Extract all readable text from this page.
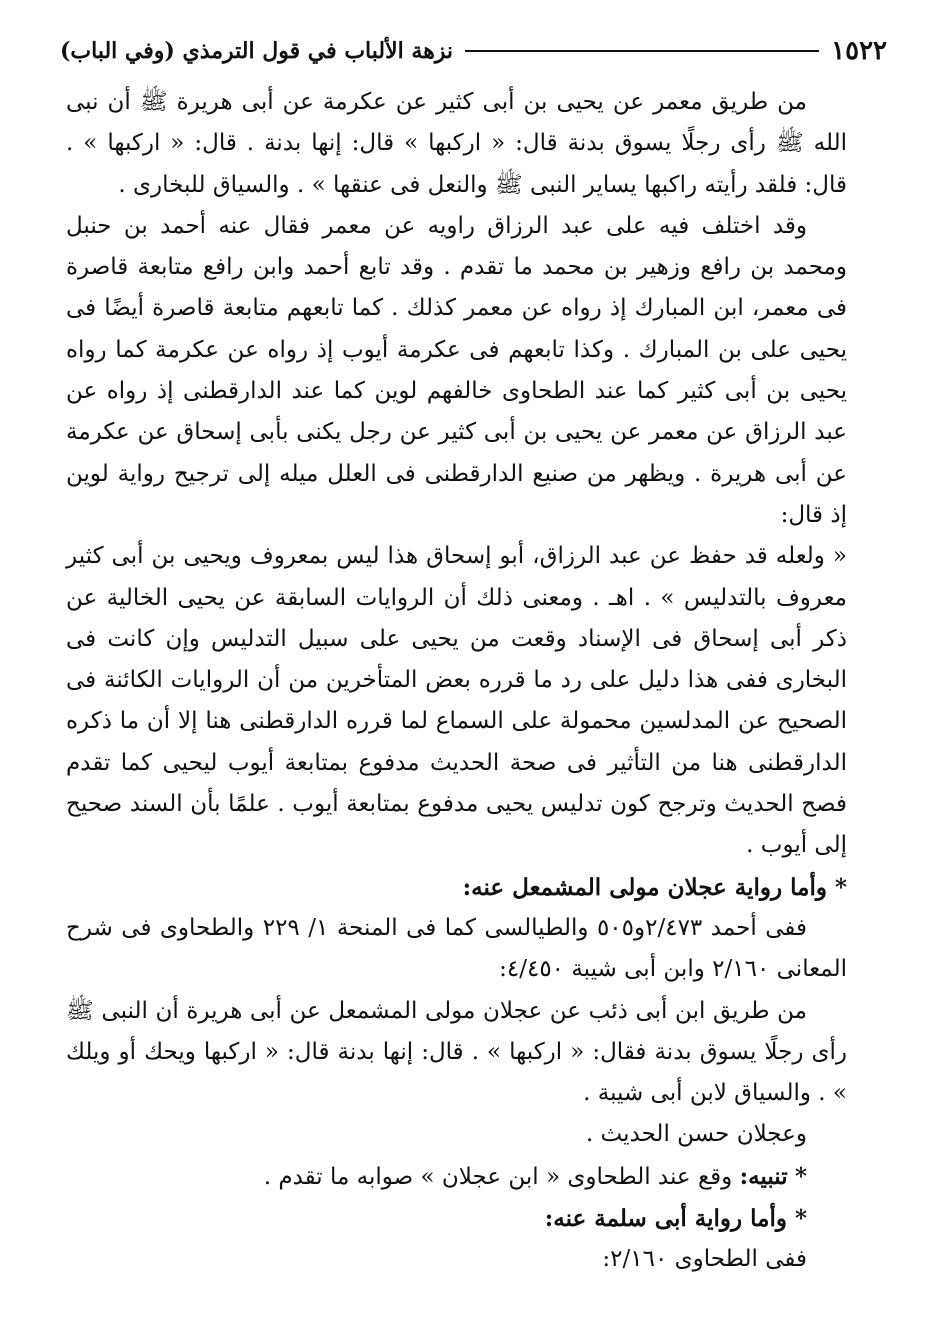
١٥٢٢
نزهة الألباب في قول الترمذي (وفي الباب)

من طريق معمر عن يحيى بن أبى كثير عن عكرمة عن أبى هريرة ﷺ أن نبى الله ﷺ رأى رجلًا يسوق بدنة قال: « اركبها » قال: إنها بدنة . قال: « اركبها » . قال: فلقد رأيته راكبها يساير النبى ﷺ والنعل فى عنقها » . والسياق للبخارى .

وقد اختلف فيه على عبد الرزاق راويه عن معمر فقال عنه أحمد بن حنبل ومحمد بن رافع وزهير بن محمد ما تقدم . وقد تابع أحمد وابن رافع متابعة قاصرة فى معمر، ابن المبارك إذ رواه عن معمر كذلك . كما تابعهم متابعة قاصرة أيضًا فى يحيى على بن المبارك . وكذا تابعهم فى عكرمة أيوب إذ رواه عن عكرمة كما رواه يحيى بن أبى كثير كما عند الطحاوى خالفهم لوين كما عند الدارقطنى إذ رواه عن عبد الرزاق عن معمر عن يحيى بن أبى كثير عن رجل يكنى بأبى إسحاق عن عكرمة عن أبى هريرة . ويظهر من صنيع الدارقطنى فى العلل ميله إلى ترجيح رواية لوين إذ قال:

« ولعله قد حفظ عن عبد الرزاق، أبو إسحاق هذا ليس بمعروف ويحيى بن أبى كثير معروف بالتدليس » . اهـ . ومعنى ذلك أن الروايات السابقة عن يحيى الخالية عن ذكر أبى إسحاق فى الإسناد وقعت من يحيى على سبيل التدليس وإن كانت فى البخارى ففى هذا دليل على رد ما قرره بعض المتأخرين من أن الروايات الكائنة فى الصحيح عن المدلسين محمولة على السماع لما قرره الدارقطنى هنا إلا أن ما ذكره الدارقطنى هنا من التأثير فى صحة الحديث مدفوع بمتابعة أيوب ليحيى كما تقدم فصح الحديث وترجح كون تدليس يحيى مدفوع بمتابعة أيوب . علمًا بأن السند صحيح إلى أيوب .

* وأما رواية عجلان مولى المشمعل عنه:

ففى أحمد ٢/٤٧٣و٥٠٥ والطيالسى كما فى المنحة ١/ ٢٢٩ والطحاوى فى شرح المعانى ٢/١٦٠ وابن أبى شيبة ٤/٤٥٠:

من طريق ابن أبى ذئب عن عجلان مولى المشمعل عن أبى هريرة أن النبى ﷺ رأى رجلًا يسوق بدنة فقال: « اركبها » . قال: إنها بدنة قال: « اركبها ويحك أو ويلك » . والسياق لابن أبى شيبة .

وعجلان حسن الحديث .

* تنبيه: وقع عند الطحاوى « ابن عجلان » صوابه ما تقدم .

* وأما رواية أبى سلمة عنه:

ففى الطحاوى ٢/١٦٠:
